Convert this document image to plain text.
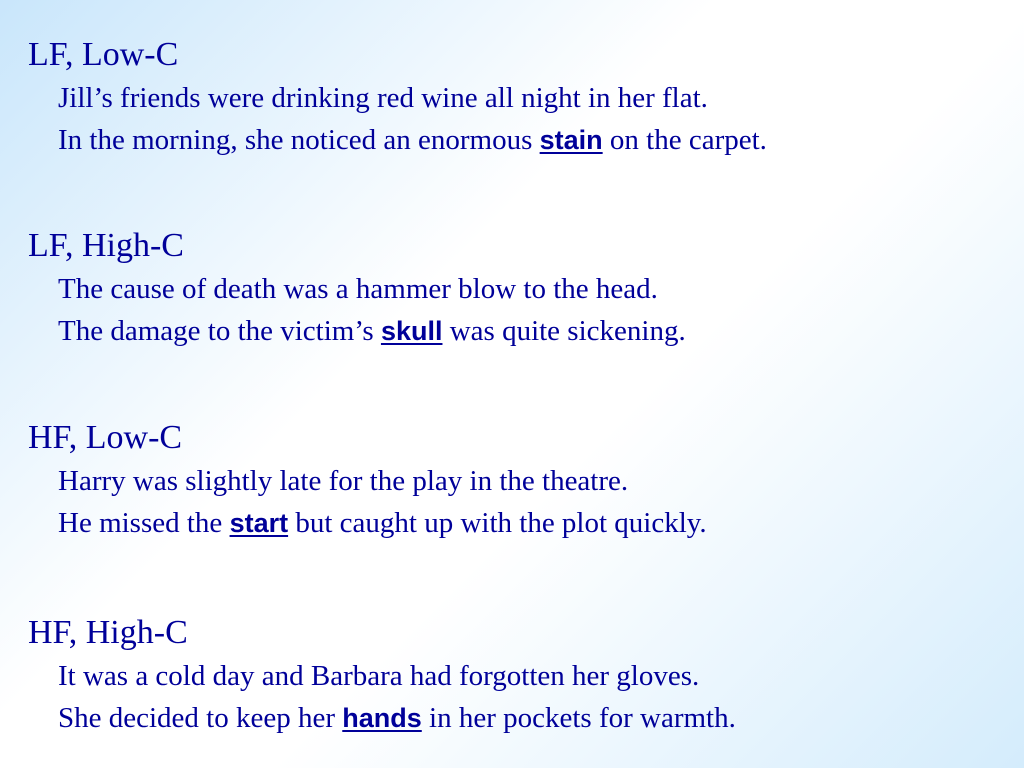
LF, Low-C

Jill’s friends were drinking red wine all night in her flat.

In the morning, she noticed an enormous stain on the carpet.

LF, High-C

The cause of death was a hammer blow to the head.

The damage to the victim’s skull was quite sickening.

HF, Low-C

Harry was slightly late for the play in the theatre.

He missed the start but caught up with the plot quickly.

HF, High-C

It was a cold day and Barbara had forgotten her gloves.

She decided to keep her hands in her pockets for warmth.
